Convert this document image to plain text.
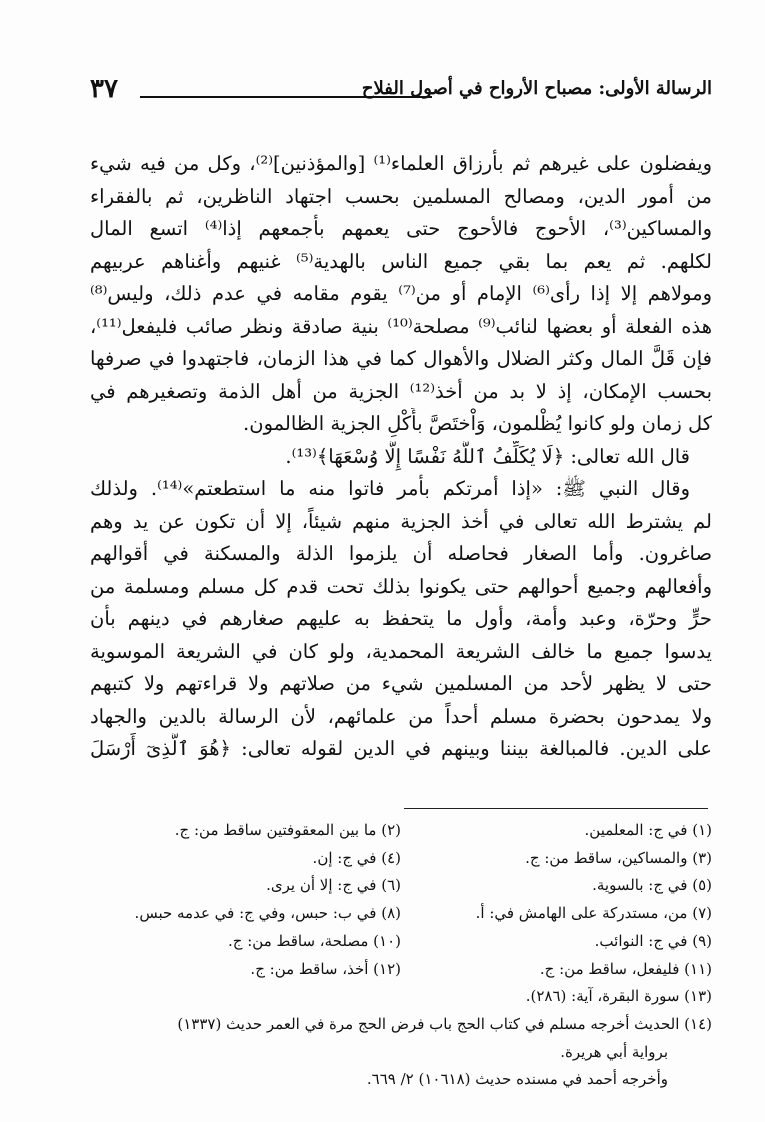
الرسالة الأولى: مصباح الأرواح في أصول الفلاح
٣٧
ويفضلون على غيرهم ثم بأرزاق العلماء⁽¹⁾ [والمؤذنين]⁽²⁾، وكل من فيه شيء
من أمور الدين، ومصالح المسلمين بحسب اجتهاد الناظرين، ثم بالفقراء
والمساكين⁽³⁾، الأحوج فالأحوج حتى يعمهم بأجمعهم إذا⁽⁴⁾ اتسع المال
لكلهم. ثم يعم بما بقي جميع الناس بالهدية⁽⁵⁾ غنيهم وأغناهم عربيهم
ومولاهم إلا إذا رأى⁽⁶⁾ الإمام أو من⁽⁷⁾ يقوم مقامه في عدم ذلك، وليس⁽⁸⁾
هذه الفعلة أو بعضها لنائب⁽⁹⁾ مصلحة⁽¹⁰⁾ بنية صادقة ونظر صائب فليفعل⁽¹¹⁾،
فإن قَلَّ المال وكثر الضلال والأهوال كما في هذا الزمان، فاجتهدوا في صرفها
بحسب الإمكان، إذ لا بد من أخذ⁽¹²⁾ الجزية من أهل الذمة وتصغيرهم في
كل زمان ولو كانوا يُظْلمون، وَاْختَصَّ بأَكْلِ الجزية الظالمون.
قال الله تعالى: ﴿لَا يُكَلِّفُ ٱللَّهُ نَفْسًا إِلَّا وُسْعَهَا﴾⁽¹³⁾.
وقال النبي ﷺ: «إذا أمرتكم بأمر فاتوا منه ما استطعتم»⁽¹⁴⁾. ولذلك
لم يشترط الله تعالى في أخذ الجزية منهم شيئاً، إلا أن تكون عن يد وهم
صاغرون. وأما الصغار فحاصله أن يلزموا الذلة والمسكنة في أقوالهم
وأفعالهم وجميع أحوالهم حتى يكونوا بذلك تحت قدم كل مسلم ومسلمة من
حرٍّ وحرّة، وعبد وأمة، وأول ما يتحفظ به عليهم صغارهم في دينهم بأن
يدسوا جميع ما خالف الشريعة المحمدية، ولو كان في الشريعة الموسوية
حتى لا يظهر لأحد من المسلمين شيء من صلاتهم ولا قراءتهم ولا كتبهم
ولا يمدحون بحضرة مسلم أحداً من علمائهم، لأن الرسالة بالدين والجهاد
على الدين. فالمبالغة بيننا وبينهم في الدين لقوله تعالى: ﴿هُوَ ٱلَّذِىٓ أَرْسَلَ
(١) في ج: المعلمين.
(٢) ما بين المعقوفتين ساقط من: ج.
(٣) والمساكين، ساقط من: ج.
(٤) في ج: إن.
(٥) في ج: بالسوية.
(٦) في ج: إلا أن يرى.
(٧) من، مستدركة على الهامش في: أ.
(٨) في ب: حبس، وفي ج: في عدمه حبس.
(٩) في ج: النوائب.
(١٠) مصلحة، ساقط من: ج.
(١١) فليفعل، ساقط من: ج.
(١٢) أخذ، ساقط من: ج.
(١٣) سورة البقرة، آية: (٢٨٦).
(١٤) الحديث أخرجه مسلم في كتاب الحج باب فرض الحج مرة في العمر حديث (١٣٣٧)
برواية أبي هريرة.
وأخرجه أحمد في مسنده حديث (١٠٦١٨) ٢/ ٦٦٩.
